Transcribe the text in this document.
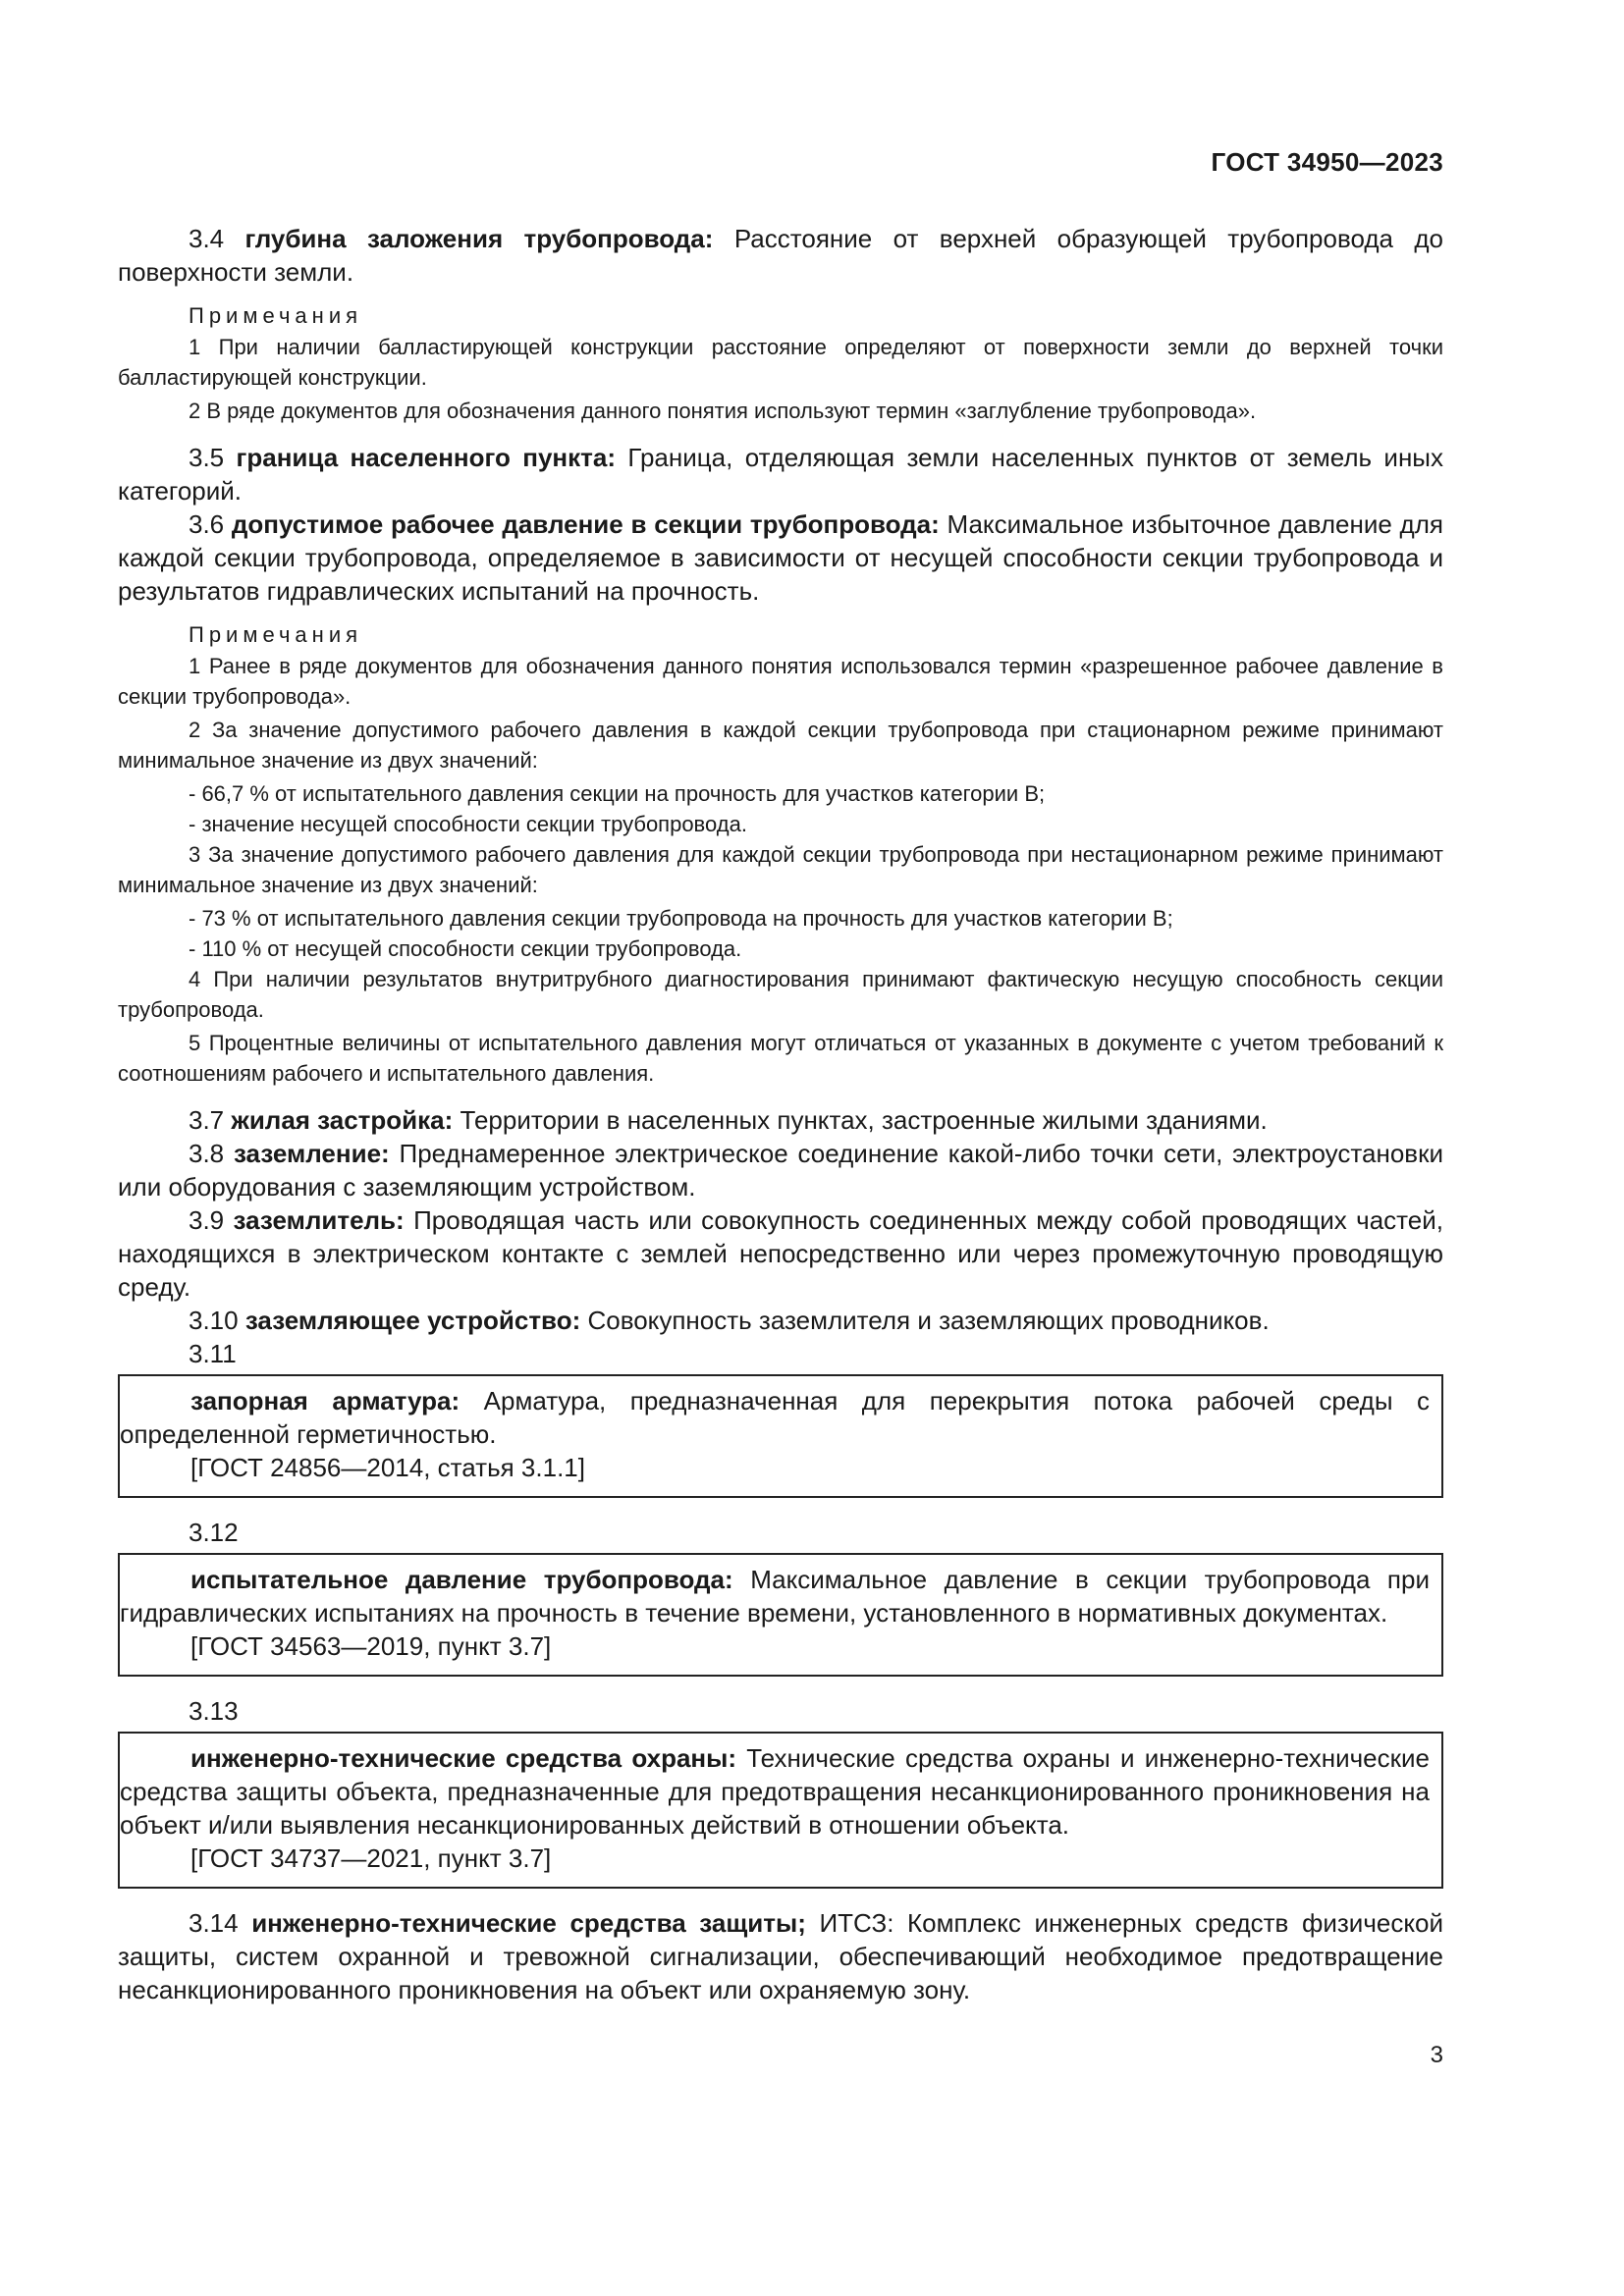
ГОСТ 34950—2023

3.4 глубина заложения трубопровода: Расстояние от верхней образующей трубопровода до поверхности земли.

Примечания

1 При наличии балластирующей конструкции расстояние определяют от поверхности земли до верхней точки балластирующей конструкции.

2 В ряде документов для обозначения данного понятия используют термин «заглубление трубопровода».

3.5 граница населенного пункта: Граница, отделяющая земли населенных пунктов от земель иных категорий.

3.6 допустимое рабочее давление в секции трубопровода: Максимальное избыточное давление для каждой секции трубопровода, определяемое в зависимости от несущей способности секции трубопровода и результатов гидравлических испытаний на прочность.

Примечания

1 Ранее в ряде документов для обозначения данного понятия использовался термин «разрешенное рабочее давление в секции трубопровода».

2 За значение допустимого рабочего давления в каждой секции трубопровода при стационарном режиме принимают минимальное значение из двух значений:

- 66,7 % от испытательного давления секции на прочность для участков категории В;
- значение несущей способности секции трубопровода.

3 За значение допустимого рабочего давления для каждой секции трубопровода при нестационарном режиме принимают минимальное значение из двух значений:

- 73 % от испытательного давления секции трубопровода на прочность для участков категории В;
- 110 % от несущей способности секции трубопровода.

4 При наличии результатов внутритрубного диагностирования принимают фактическую несущую способность секции трубопровода.

5 Процентные величины от испытательного давления могут отличаться от указанных в документе с учетом требований к соотношениям рабочего и испытательного давления.

3.7 жилая застройка: Территории в населенных пунктах, застроенные жилыми зданиями.

3.8 заземление: Преднамеренное электрическое соединение какой-либо точки сети, электроустановки или оборудования с заземляющим устройством.

3.9 заземлитель: Проводящая часть или совокупность соединенных между собой проводящих частей, находящихся в электрическом контакте с землей непосредственно или через промежуточную проводящую среду.

3.10 заземляющее устройство: Совокупность заземлителя и заземляющих проводников.

3.11

запорная арматура: Арматура, предназначенная для перекрытия потока рабочей среды с определенной герметичностью.

[ГОСТ 24856—2014, статья 3.1.1]
3.12

испытательное давление трубопровода: Максимальное давление в секции трубопровода при гидравлических испытаниях на прочность в течение времени, установленного в нормативных документах.

[ГОСТ 34563—2019, пункт 3.7]
3.13

инженерно-технические средства охраны: Технические средства охраны и инженерно-технические средства защиты объекта, предназначенные для предотвращения несанкционированного проникновения на объект и/или выявления несанкционированных действий в отношении объекта.

[ГОСТ 34737—2021, пункт 3.7]

3.14 инженерно-технические средства защиты; ИТСЗ: Комплекс инженерных средств физической защиты, систем охранной и тревожной сигнализации, обеспечивающий необходимое предотвращение несанкционированного проникновения на объект или охраняемую зону.

3
